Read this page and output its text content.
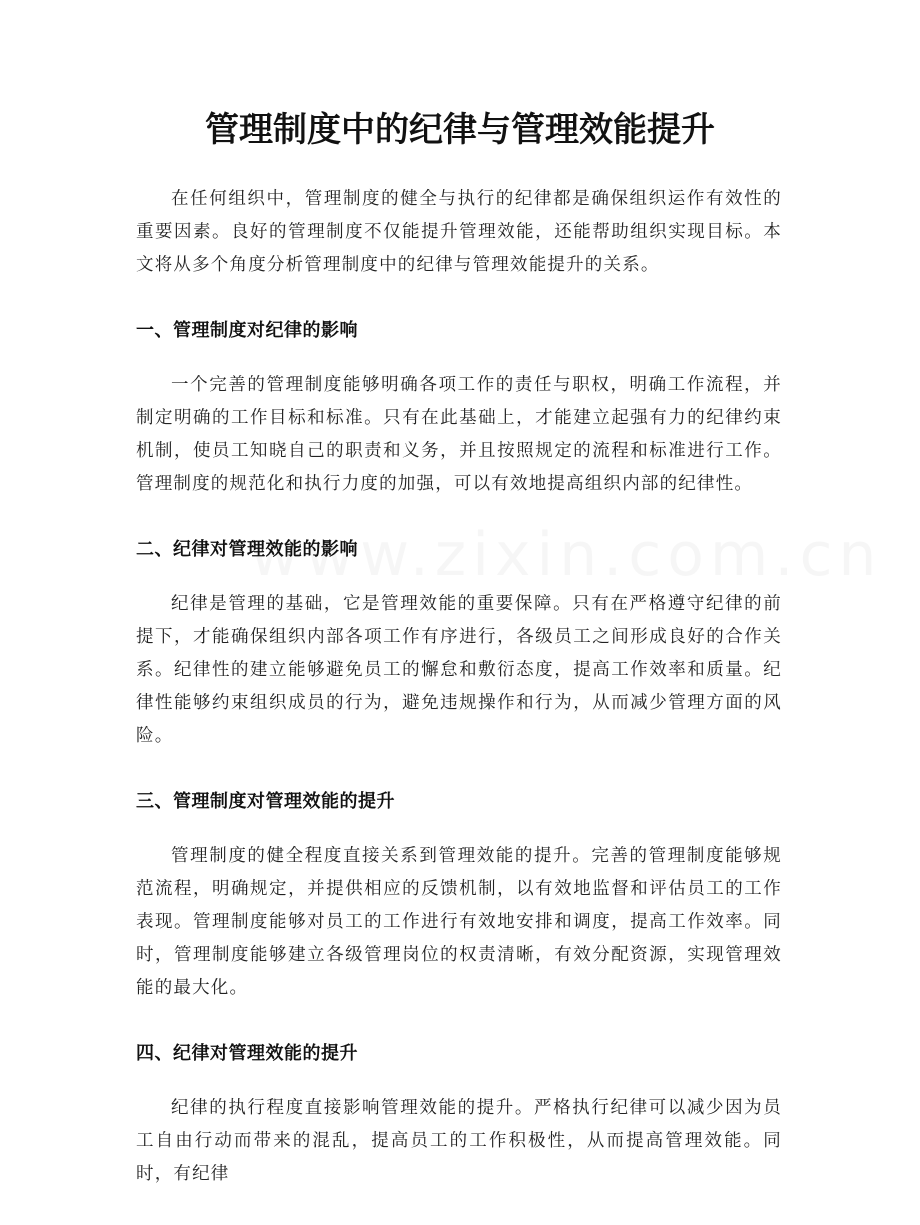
管理制度中的纪律与管理效能提升

在任何组织中，管理制度的健全与执行的纪律都是确保组织运作有效性的重要因素。良好的管理制度不仅能提升管理效能，还能帮助组织实现目标。本文将从多个角度分析管理制度中的纪律与管理效能提升的关系。

一、管理制度对纪律的影响

一个完善的管理制度能够明确各项工作的责任与职权，明确工作流程，并制定明确的工作目标和标准。只有在此基础上，才能建立起强有力的纪律约束机制，使员工知晓自己的职责和义务，并且按照规定的流程和标准进行工作。管理制度的规范化和执行力度的加强，可以有效地提高组织内部的纪律性。

二、纪律对管理效能的影响

纪律是管理的基础，它是管理效能的重要保障。只有在严格遵守纪律的前提下，才能确保组织内部各项工作有序进行，各级员工之间形成良好的合作关系。纪律性的建立能够避免员工的懈怠和敷衍态度，提高工作效率和质量。纪律性能够约束组织成员的行为，避免违规操作和行为，从而减少管理方面的风险。

三、管理制度对管理效能的提升

管理制度的健全程度直接关系到管理效能的提升。完善的管理制度能够规范流程，明确规定，并提供相应的反馈机制，以有效地监督和评估员工的工作表现。管理制度能够对员工的工作进行有效地安排和调度，提高工作效率。同时，管理制度能够建立各级管理岗位的权责清晰，有效分配资源，实现管理效能的最大化。

四、纪律对管理效能的提升

纪律的执行程度直接影响管理效能的提升。严格执行纪律可以减少因为员工自由行动而带来的混乱，提高员工的工作积极性，从而提高管理效能。同时，有纪律
